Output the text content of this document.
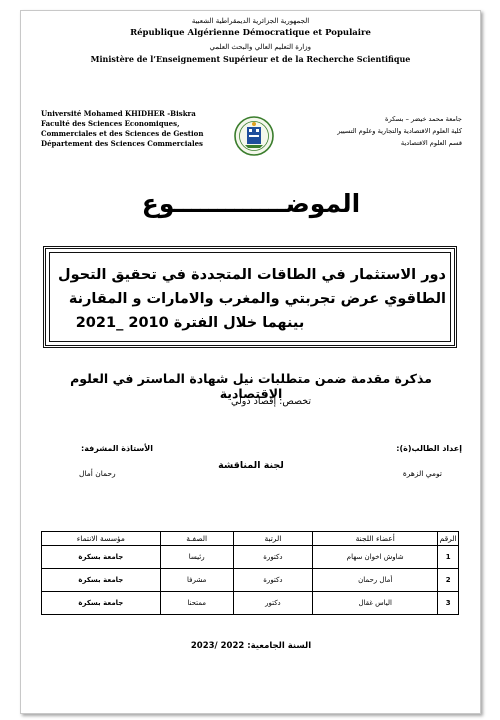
الجمهورية الجزائرية الديمقراطية الشعبية
République Algérienne Démocratique et Populaire
وزارة التعليم العالي والبحث العلمي
Ministère de l’Enseignement Supérieur et de la Recherche Scientifique
Université Mohamed KHIDHER -Biskra
Faculté des Sciences Economiques,
Commerciales et des Sciences de Gestion
Département des Sciences Commerciales
جامعة محمد خيضر – بسكرة
كلية العلوم الاقتصادية والتجارية وعلوم التسيير
قسم العلوم الاقتصادية
الموضـــــــــــــوع
دور الاستثمار في الطاقات المتجددة في تحقيق التحول
الطاقوي عرض تجربتي والمغرب والامارات و المقارنة
بينهما خلال الفترة 2010 _2021
مذكرة مقدمة ضمن متطلبات نيل شهادة الماستر في العلوم الاقتصادية
تخصص: إقصاد دولي
إعداد الطالب(ة):
الأستاذة المشرفة:
لجنة المناقشة
تومي الزهرة
رحمان أمال
الرقم	أعضاء اللجنة	الرتبة	الصفـة	مؤسسة الانتماء
1	شاوش اخوان سهام	دكتورة	رئيسا	جامعة بسكرة
2	أمال رحمان	دكتورة	مشرفا	جامعة بسكرة
3	الياس غقال	دكتور	ممتحنا	جامعة بسكرة
السنة الجامعية: 2022 /2023
